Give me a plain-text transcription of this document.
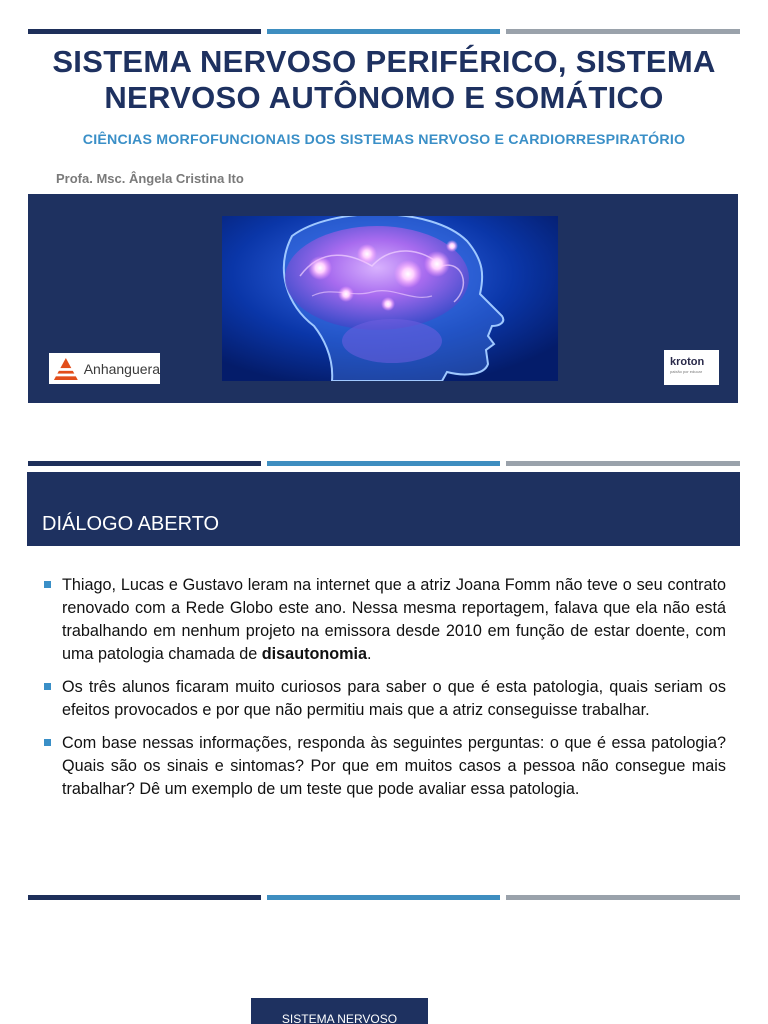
SISTEMA NERVOSO PERIFÉRICO, SISTEMA
NERVOSO AUTÔNOMO E SOMÁTICO
CIÊNCIAS MORFOFUNCIONAIS DOS SISTEMAS NERVOSO E CARDIORRESPIRATÓRIO
Profa. Msc. Ângela Cristina Ito
Anhanguera	kroton
paixão por educar
DIÁLOGO ABERTO
Thiago, Lucas e Gustavo leram na internet que a atriz Joana Fomm não teve o seu contrato renovado com a Rede Globo este ano. Nessa mesma reportagem, falava que ela não está trabalhando em nenhum projeto na emissora desde 2010 em função de estar doente, com uma patologia chamada de disautonomia.
Os três alunos ficaram muito curiosos para saber o que é esta patologia, quais seriam os efeitos provocados e por que não permitiu mais que a atriz conseguisse trabalhar.
Com base nessas informações, responda às seguintes perguntas: o que é essa patologia? Quais são os sinais e sintomas? Por que em muitos casos a pessoa não consegue mais trabalhar? Dê um exemplo de um teste que pode avaliar essa patologia.
SISTEMA NERVOSO
